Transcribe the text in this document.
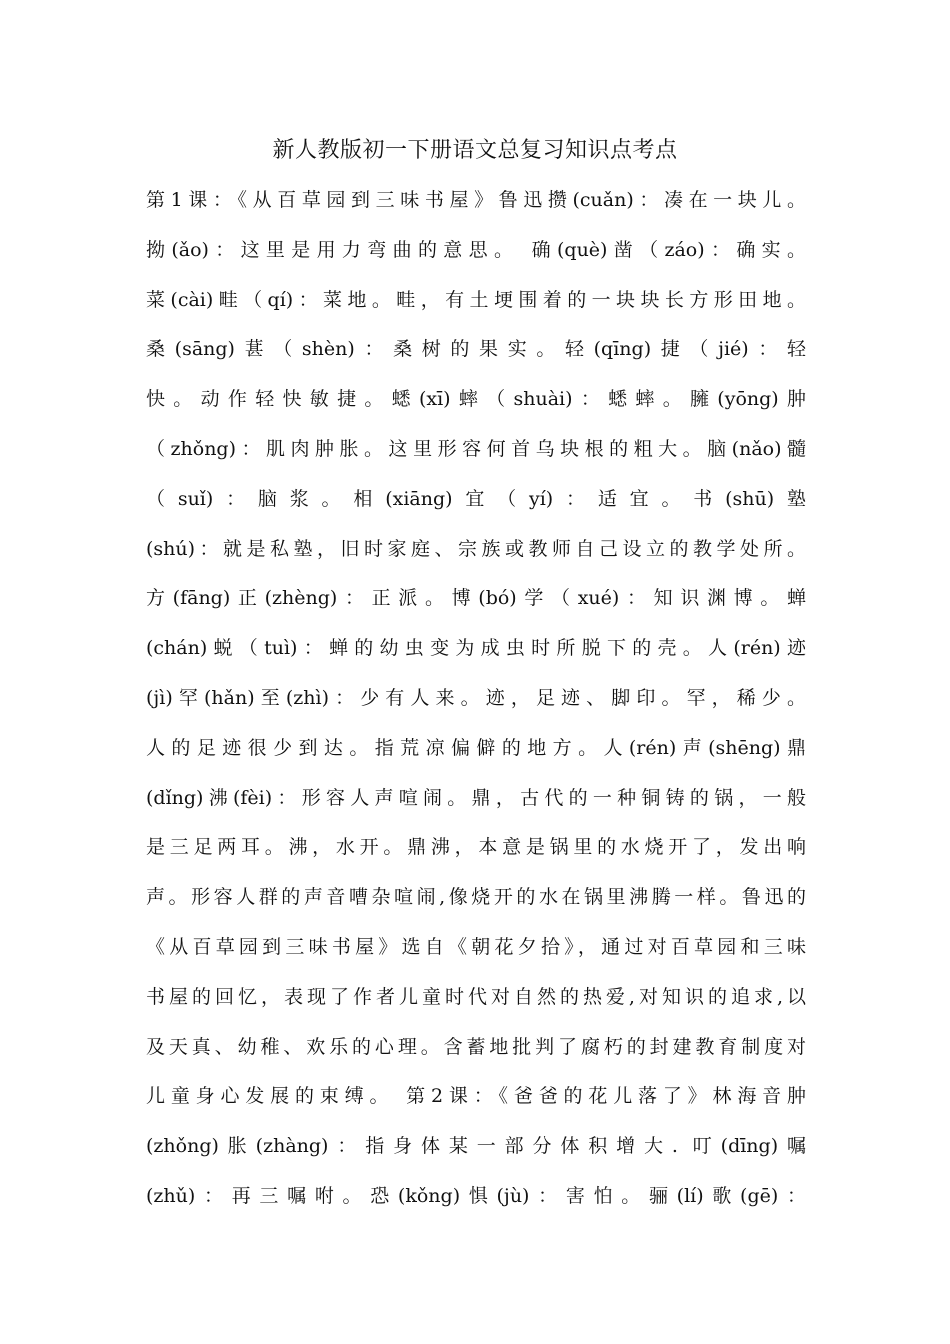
新人教版初一下册语文总复习知识点考点
第1课：《从百草园到三味书屋》鲁迅攒(cuǎn)：凑在一块儿。
拗(ǎo)：这里是用力弯曲的意思。 确(què)凿（záo)：确实。
菜(cài)畦（qí)：菜地。畦，有土埂围着的一块块长方形田地。
桑(sāng)葚（shèn)：桑树的果实。轻(qīng)捷（jié)：轻
快。动作轻快敏捷。蟋(xī)蟀（shuài)：蟋蟀。臃(yōng)肿
（zhǒng)：肌肉肿胀。这里形容何首乌块根的粗大。脑(nǎo)髓
（suǐ)：脑浆。相(xiāng)宜（yí)：适宜。书(shū)塾
(shú)：就是私塾，旧时家庭、宗族或教师自己设立的教学处所。
方(fāng)正(zhèng)：正派。博(bó)学（xué)：知识渊博。蝉
(chán)蜕（tuì)：蝉的幼虫变为成虫时所脱下的壳。人(rén)迹
(jì)罕(hǎn)至(zhì)：少有人来。迹，足迹、脚印。罕，稀少。
人的足迹很少到达。指荒凉偏僻的地方。人(rén)声(shēng)鼎
(dǐng)沸(fèi)：形容人声喧闹。鼎，古代的一种铜铸的锅，一般
是三足两耳。沸，水开。鼎沸，本意是锅里的水烧开了，发出响
声。形容人群的声音嘈杂喧闹,像烧开的水在锅里沸腾一样。鲁迅的
《从百草园到三味书屋》选自《朝花夕拾》，通过对百草园和三味
书屋的回忆，表现了作者儿童时代对自然的热爱,对知识的追求,以
及天真、幼稚、欢乐的心理。含蓄地批判了腐朽的封建教育制度对
儿童身心发展的束缚。 第2课：《爸爸的花儿落了》林海音肿
(zhǒng)胀(zhàng)：指身体某一部分体积增大. 叮(dīng)嘱
(zhǔ)：再三嘱咐。恐(kǒng)惧(jù)：害怕。骊(lí)歌(gē)：
